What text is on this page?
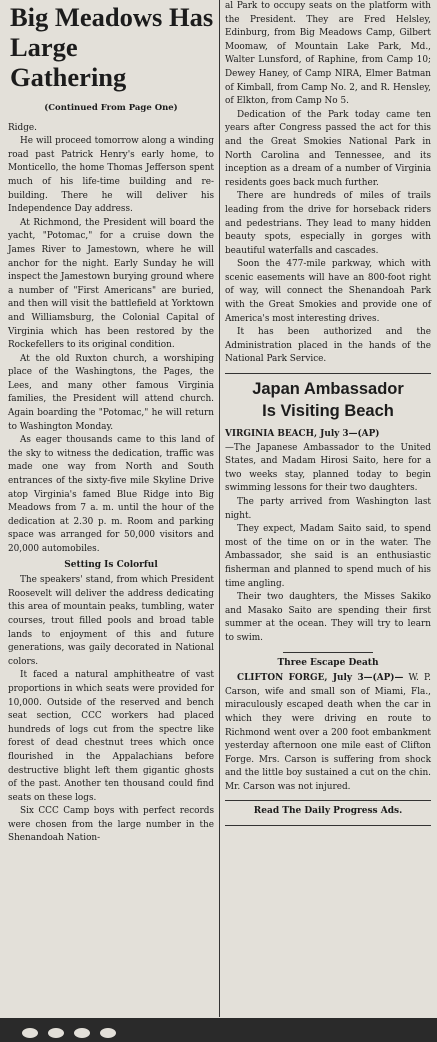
Big Meadows Has

Large Gathering
(Continued From Page One)

Ridge.

He will proceed tomorrow along a winding road past Patrick Henry's early home, to Monticello, the home Thomas Jefferson spent much of his life-time building and re-building. There he will deliver his Independence Day address.

At Richmond, the President will board the yacht, "Potomac," for a cruise down the James River to Jamestown, where he will anchor for the night. Early Sunday he will inspect the Jamestown burying ground where a number of "First Americans" are buried, and then will visit the battlefield at Yorktown and Williamsburg, the Colonial Capital of Virginia which has been restored by the Rockefellers to its original condition.

At the old Ruxton church, a worshiping place of the Washingtons, the Pages, the Lees, and many other famous Virginia families, the President will attend church. Again boarding the "Potomac," he will return to Washington Monday.

As eager thousands came to this land of the sky to witness the dedication, traffic was made one way from North and South entrances of the sixty-five mile Skyline Drive atop Virginia's famed Blue Ridge into Big Meadows from 7 a. m. until the hour of the dedication at 2.30 p. m. Room and parking space was arranged for 50,000 visitors and 20,000 automobiles.

Setting Is Colorful

The speakers' stand, from which President Roosevelt will deliver the address dedicating this area of mountain peaks, tumbling, water courses, trout filled pools and broad table lands to enjoyment of this and future generations, was gaily decorated in National colors.

It faced a natural amphitheatre of vast proportions in which seats were provided for 10,000. Outside of the reserved and bench seat section, CCC workers had placed hundreds of logs cut from the spectre like forest of dead chestnut trees which once flourished in the Appalachians before destructive blight left them gigantic ghosts of the past. Another ten thousand could find seats on these logs.

Six CCC Camp boys with perfect records were chosen from the large number in the Shenandoah Nation-

al Park to occupy seats on the platform with the President. They are Fred Helsley, Edinburg, from Big Meadows Camp, Gilbert Moomaw, of Mountain Lake Park, Md., Walter Lunsford, of Raphine, from Camp 10; Dewey Haney, of Camp NIRA, Elmer Batman of Kimball, from Camp No. 2, and R. Hensley, of Elkton, from Camp No 5.

Dedication of the Park today came ten years after Congress passed the act for this and the Great Smokies National Park in North Carolina and Tennessee, and its inception as a dream of a number of Virginia residents goes back much further.

There are hundreds of miles of trails leading from the drive for horseback riders and pedestrians. They lead to many hidden beauty spots, especially in gorges with beautiful waterfalls and cascades.

Soon the 477-mile parkway, which with scenic easements will have an 800-foot right of way, will connect the Shenandoah Park with the Great Smokies and provide one of America's most interesting drives.

It has been authorized and the Administration placed in the hands of the National Park Service.

Japan Ambassador
Is Visiting Beach

VIRGINIA BEACH, July 3—(AP)

—The Japanese Ambassador to the United States, and Madam Hirosi Saito, here for a two weeks stay, planned today to begin swimming lessons for their two daughters.

The party arrived from Washington last night.

They expect, Madam Saito said, to spend most of the time on or in the water. The Ambassador, she said is an enthusiastic fisherman and planned to spend much of his time angling.

Their two daughters, the Misses Sakiko and Masako Saito are spending their first summer at the ocean. They will try to learn to swim.

Three Escape Death

CLIFTON FORGE, July 3—(AP)— W. P. Carson, wife and small son of Miami, Fla., miraculously escaped death when the car in which they were driving en route to Richmond went over a 200 foot embankment yesterday afternoon one mile east of Clifton Forge. Mrs. Carson is suffering from shock and the little boy sustained a cut on the chin. Mr. Carson was not injured.

Read The Daily Progress Ads.
